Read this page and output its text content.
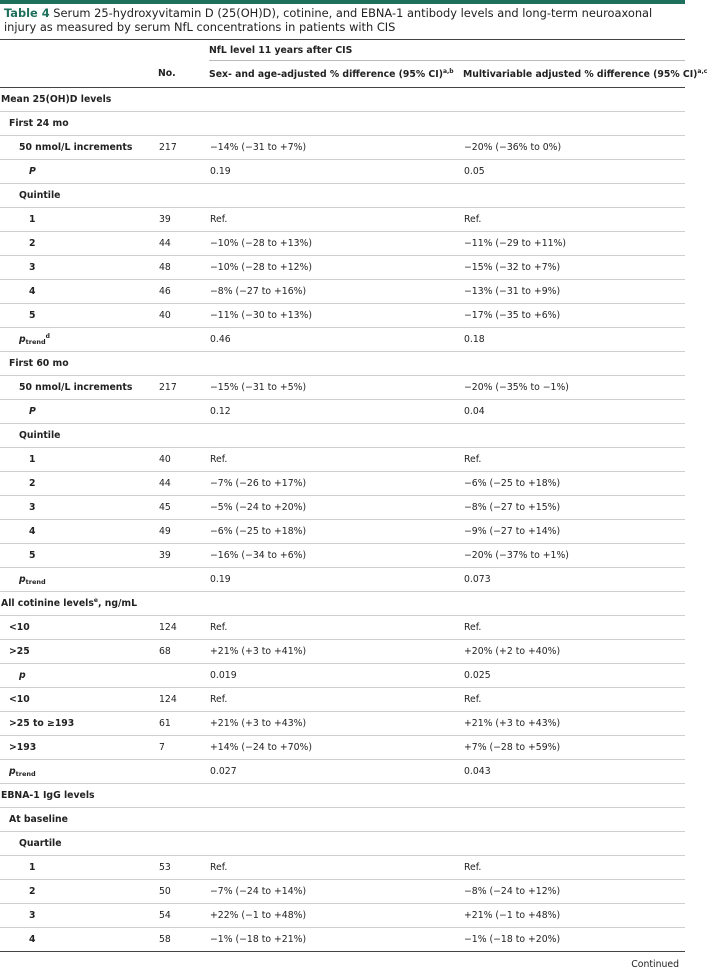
Table 4 Serum 25-hydroxyvitamin D (25(OH)D), cotinine, and EBNA-1 antibody levels and long-term neuroaxonal injury as measured by serum NfL concentrations in patients with CIS
		NfL level 11 years after CIS	
	No.	Sex- and age-adjusted % difference (95% CI)$^{a,b}$	Multivariable adjusted % difference (95% CI)$^{a,c}$
Mean 25(OH)D levels			
First 24 mo			
50 nmol/L increments	217	−14% (−31 to +7%)	−20% (−36% to 0%)
P		0.19	0.05
Quintile			
1	39	Ref.	Ref.
2	44	−10% (−28 to +13%)	−11% (−29 to +11%)
3	48	−10% (−28 to +12%)	−15% (−32 to +7%)
4	46	−8% (−27 to +16%)	−13% (−31 to +9%)
5	40	−11% (−30 to +13%)	−17% (−35 to +6%)
$p_{trend}^d$		0.46	0.18
First 60 mo			
50 nmol/L increments	217	−15% (−31 to +5%)	−20% (−35% to −1%)
P		0.12	0.04
Quintile			
1	40	Ref.	Ref.
2	44	−7% (−26 to +17%)	−6% (−25 to +18%)
3	45	−5% (−24 to +20%)	−8% (−27 to +15%)
4	49	−6% (−25 to +18%)	−9% (−27 to +14%)
5	39	−16% (−34 to +6%)	−20% (−37% to +1%)
$p_{trend}$		0.19	0.073
All cotinine levels$^e$, ng/mL			
<10	124	Ref.	Ref.
>25	68	+21% (+3 to +41%)	+20% (+2 to +40%)
p		0.019	0.025
<10	124	Ref.	Ref.
>25 to ≥193	61	+21% (+3 to +43%)	+21% (+3 to +43%)
>193	7	+14% (−24 to +70%)	+7% (−28 to +59%)
$p_{trend}$		0.027	0.043
EBNA-1 IgG levels			
At baseline			
Quartile			
1	53	Ref.	Ref.
2	50	−7% (−24 to +14%)	−8% (−24 to +12%)
3	54	+22% (−1 to +48%)	+21% (−1 to +48%)
4	58	−1% (−18 to +21%)	−1% (−18 to +20%)
Continued
